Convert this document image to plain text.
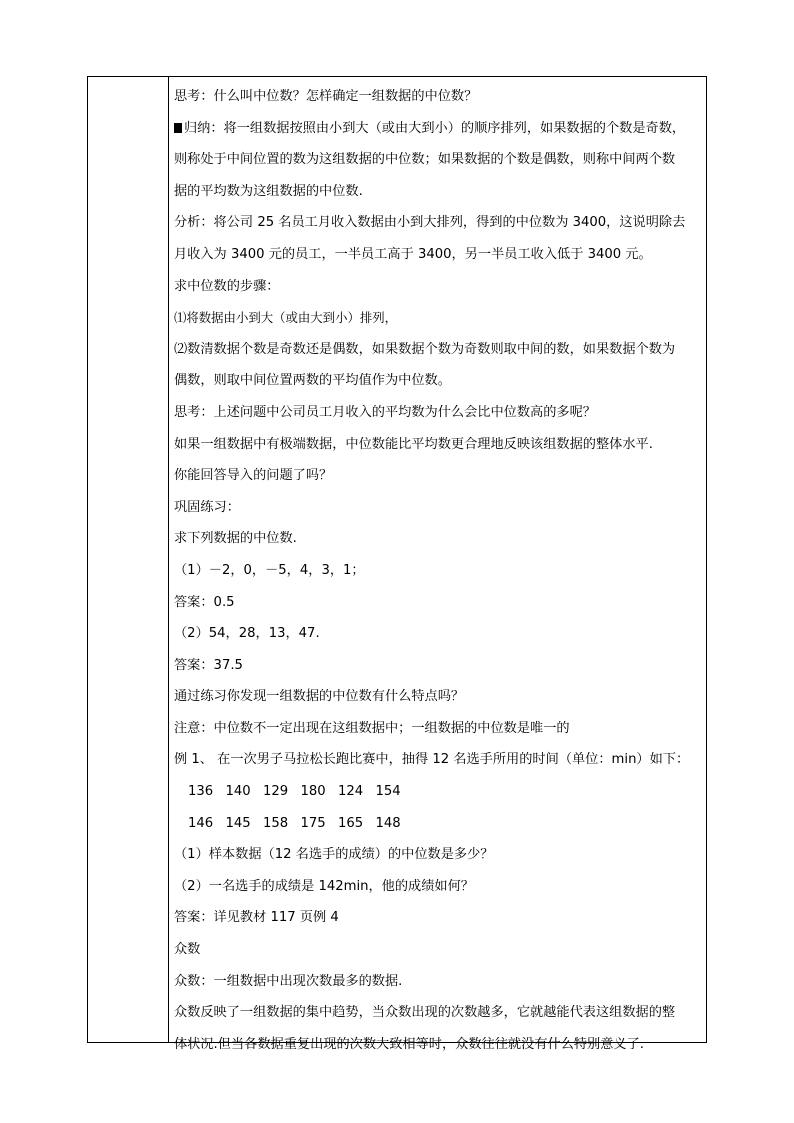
思考：什么叫中位数？怎样确定一组数据的中位数？
归纳：将一组数据按照由小到大（或由大到小）的顺序排列，如果数据的个数是奇数，
则称处于中间位置的数为这组数据的中位数；如果数据的个数是偶数，则称中间两个数
据的平均数为这组数据的中位数.
分析：将公司 25 名员工月收入数据由小到大排列，得到的中位数为 3400，这说明除去
月收入为 3400 元的员工，一半员工高于 3400，另一半员工收入低于 3400 元。
求中位数的步骤：
⑴将数据由小到大（或由大到小）排列，
⑵数清数据个数是奇数还是偶数，如果数据个数为奇数则取中间的数，如果数据个数为
偶数，则取中间位置两数的平均值作为中位数。
思考：上述问题中公司员工月收入的平均数为什么会比中位数高的多呢？
如果一组数据中有极端数据，中位数能比平均数更合理地反映该组数据的整体水平.
你能回答导入的问题了吗？
巩固练习：
求下列数据的中位数.
（1）－2，0，－5，4，3，1；
答案：0.5
（2）54，28，13，47.
答案：37.5
通过练习你发现一组数据的中位数有什么特点吗？
注意：中位数不一定出现在这组数据中；一组数据的中位数是唯一的
例 1、 在一次男子马拉松长跑比赛中，抽得 12 名选手所用的时间（单位：min）如下：
136 140 129 180 124 154
146 145 158 175 165 148
（1）样本数据（12 名选手的成绩）的中位数是多少？
（2）一名选手的成绩是 142min，他的成绩如何？
答案：详见教材 117 页例 4
众数
众数：一组数据中出现次数最多的数据.
众数反映了一组数据的集中趋势，当众数出现的次数越多，它就越能代表这组数据的整
体状况.但当各数据重复出现的次数大致相等时，众数往往就没有什么特别意义了.
